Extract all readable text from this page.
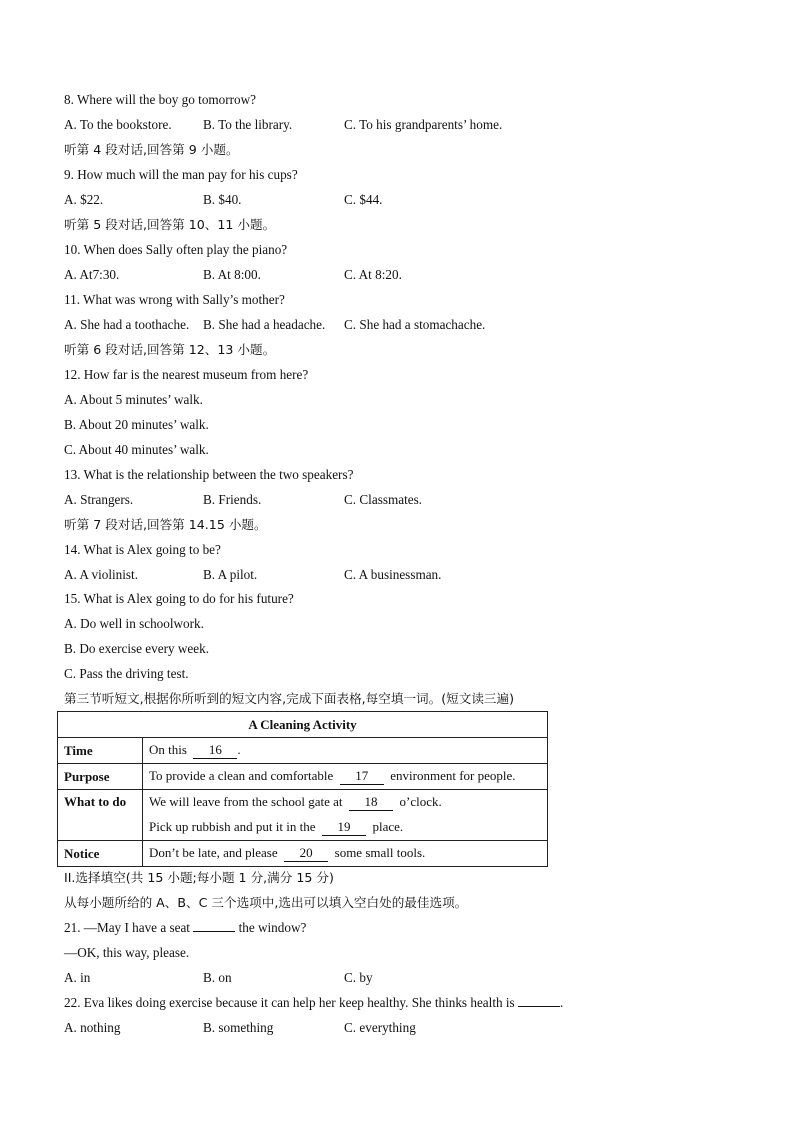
8. Where will the boy go tomorrow?
A. To the bookstore. B. To the library.	C. To his grandparents’ home.
听第 4 段对话,回答第 9 小题。
9. How much will the man pay for his cups?
A. $22.	B. $40.	C. $44.
听第 5 段对话,回答第 10、11 小题。
10. When does Sally often play the piano?
A. At7:30.	B. At 8:00.	C. At 8:20.
11. What was wrong with Sally’s mother?
A. She had a toothache. B. She had a headache. C. She had a stomachache.
听第 6 段对话,回答第 12、13 小题。
12. How far is the nearest museum from here?
A. About 5 minutes’ walk.
B. About 20 minutes’ walk.
C. About 40 minutes’ walk.
13. What is the relationship between the two speakers?
A. Strangers.	B. Friends.	C. Classmates.
听第 7 段对话,回答第 14.15 小题。
14. What is Alex going to be?
A. A violinist.	B. A pilot.	C. A businessman.
15. What is Alex going to do for his future?
A. Do well in schoolwork.
B. Do exercise every week.
C. Pass the driving test.
第三节听短文,根据你所听到的短文内容,完成下面表格,每空填一词。(短文读三遍)
A Cleaning Activity	
Time	On this 16 .
Purpose	To provide a clean and comfortable 17 environment for people.
What to do	We will leave from the school gate at 18 o’clock.
	Pick up rubbish and put it in the 19 place.
Notice	Don’t be late, and please 20 some small tools.
II.选择填空(共 15 小题;每小题 1 分,满分 15 分)
从每小题所给的 A、B、C 三个选项中,选出可以填入空白处的最佳选项。
21. —May I have a seat	the window?
—OK, this way, please.
A. in	B. on	C. by
22. Eva likes doing exercise because it can help her keep healthy. She thinks health is	.
A. nothing	B. something	C. everything
